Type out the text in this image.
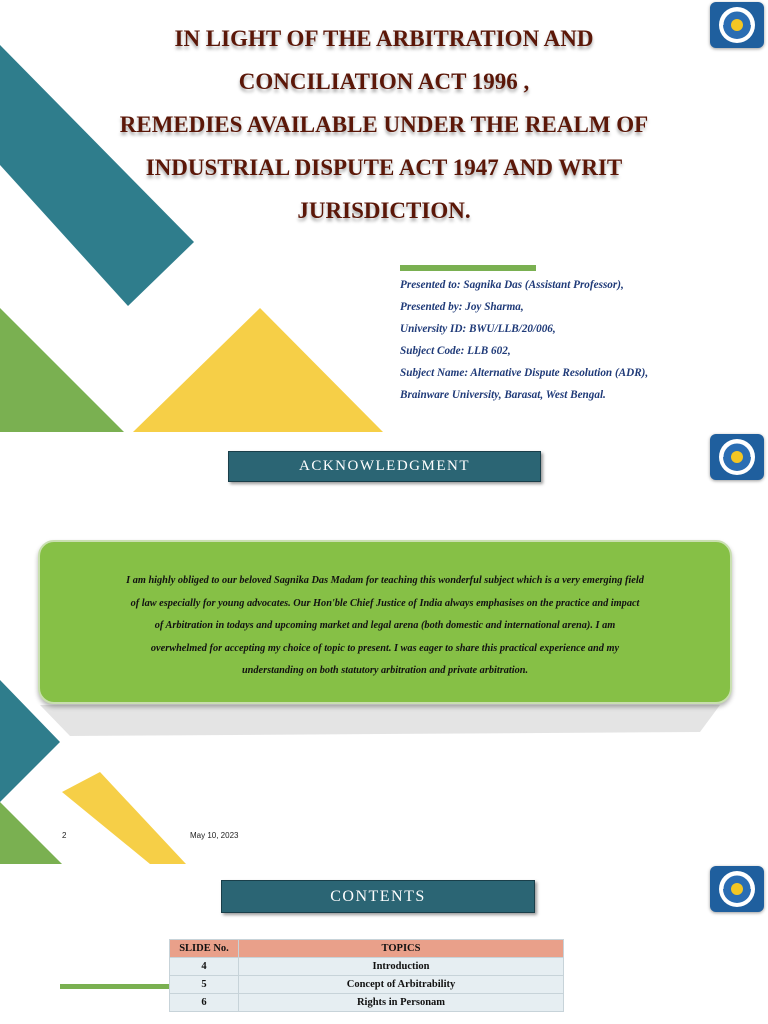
IN LIGHT OF THE ARBITRATION AND
CONCILIATION ACT 1996 ,
REMEDIES AVAILABLE UNDER THE REALM OF
INDUSTRIAL DISPUTE ACT 1947 AND WRIT
JURISDICTION.
Presented to: Sagnika Das (Assistant Professor),
Presented by: Joy Sharma,
University ID: BWU/LLB/20/006,
Subject Code: LLB 602,
Subject Name: Alternative Dispute Resolution (ADR),
Brainware University, Barasat, West Bengal.
ACKNOWLEDGMENT
I am highly obliged to our beloved Sagnika Das Madam for teaching this wonderful subject which is a very emerging field
of law especially for young advocates. Our Hon'ble Chief Justice of India always emphasises on the practice and impact
of Arbitration in todays and upcoming market and legal arena (both domestic and international arena). I am
overwhelmed for accepting my choice of topic to present. I was eager to share this practical experience and my
understanding on both statutory arbitration and private arbitration.
2	May 10, 2023
CONTENTS
SLIDE No.	TOPICS
4	Introduction
5	Concept of Arbitrability
6	Rights in Personam
